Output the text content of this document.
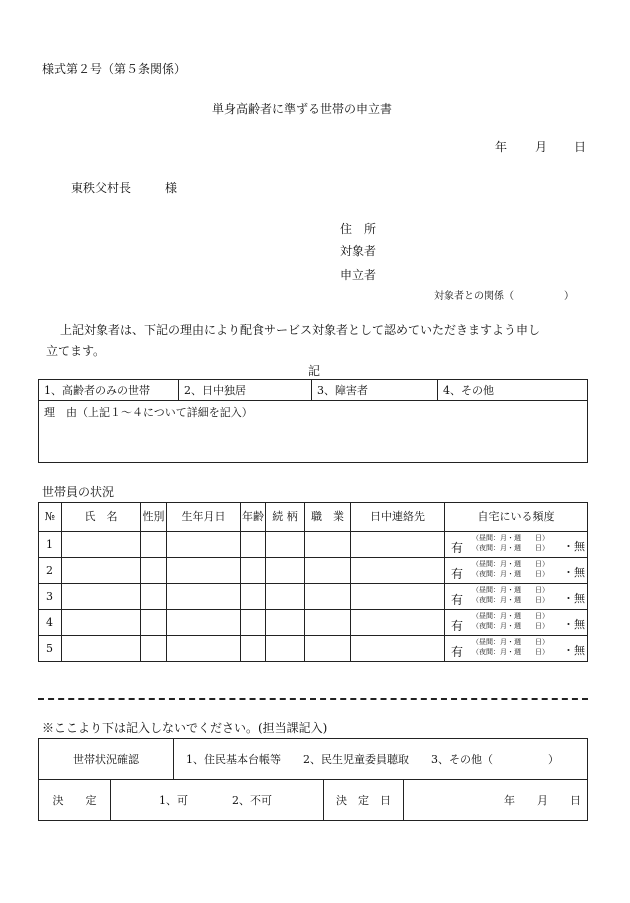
様式第２号（第５条関係）
単身高齢者に準ずる世帯の申立書
年 月 日
東秩父村長	様
住　所
対象者
申立者
対象者との関係（　　　　　）
上記対象者は、下記の理由により配食サービス対象者として認めていただきますよう申し
立てます。
記
1、高齢者のみの世帯	2、日中独居	3、障害者	4、その他
理　由（上記１～４について詳細を記入）
世帯員の状況
№	氏　名	性別	生年月日	年齢	続 柄	職　業	日中連絡先	自宅にいる頻度
1								有
（昼間：月・週　　日）
（夜間：月・週　　日） ・無

2								有
（昼間：月・週　　日）
（夜間：月・週　　日） ・無

3								有
（昼間：月・週　　日）
（夜間：月・週　　日） ・無

4								有
（昼間：月・週　　日）
（夜間：月・週　　日） ・無

5								有
（昼間：月・週　　日）
（夜間：月・週　　日） ・無
※ここより下は記入しないでください。(担当課記入)
世帯状況確認		1、住民基本台帳等　　2、民生児童委員聴取　　3、その他（　　　　　）		
決　　定	1、可　　　　2、不可		決　定　日	年　　月　　日
